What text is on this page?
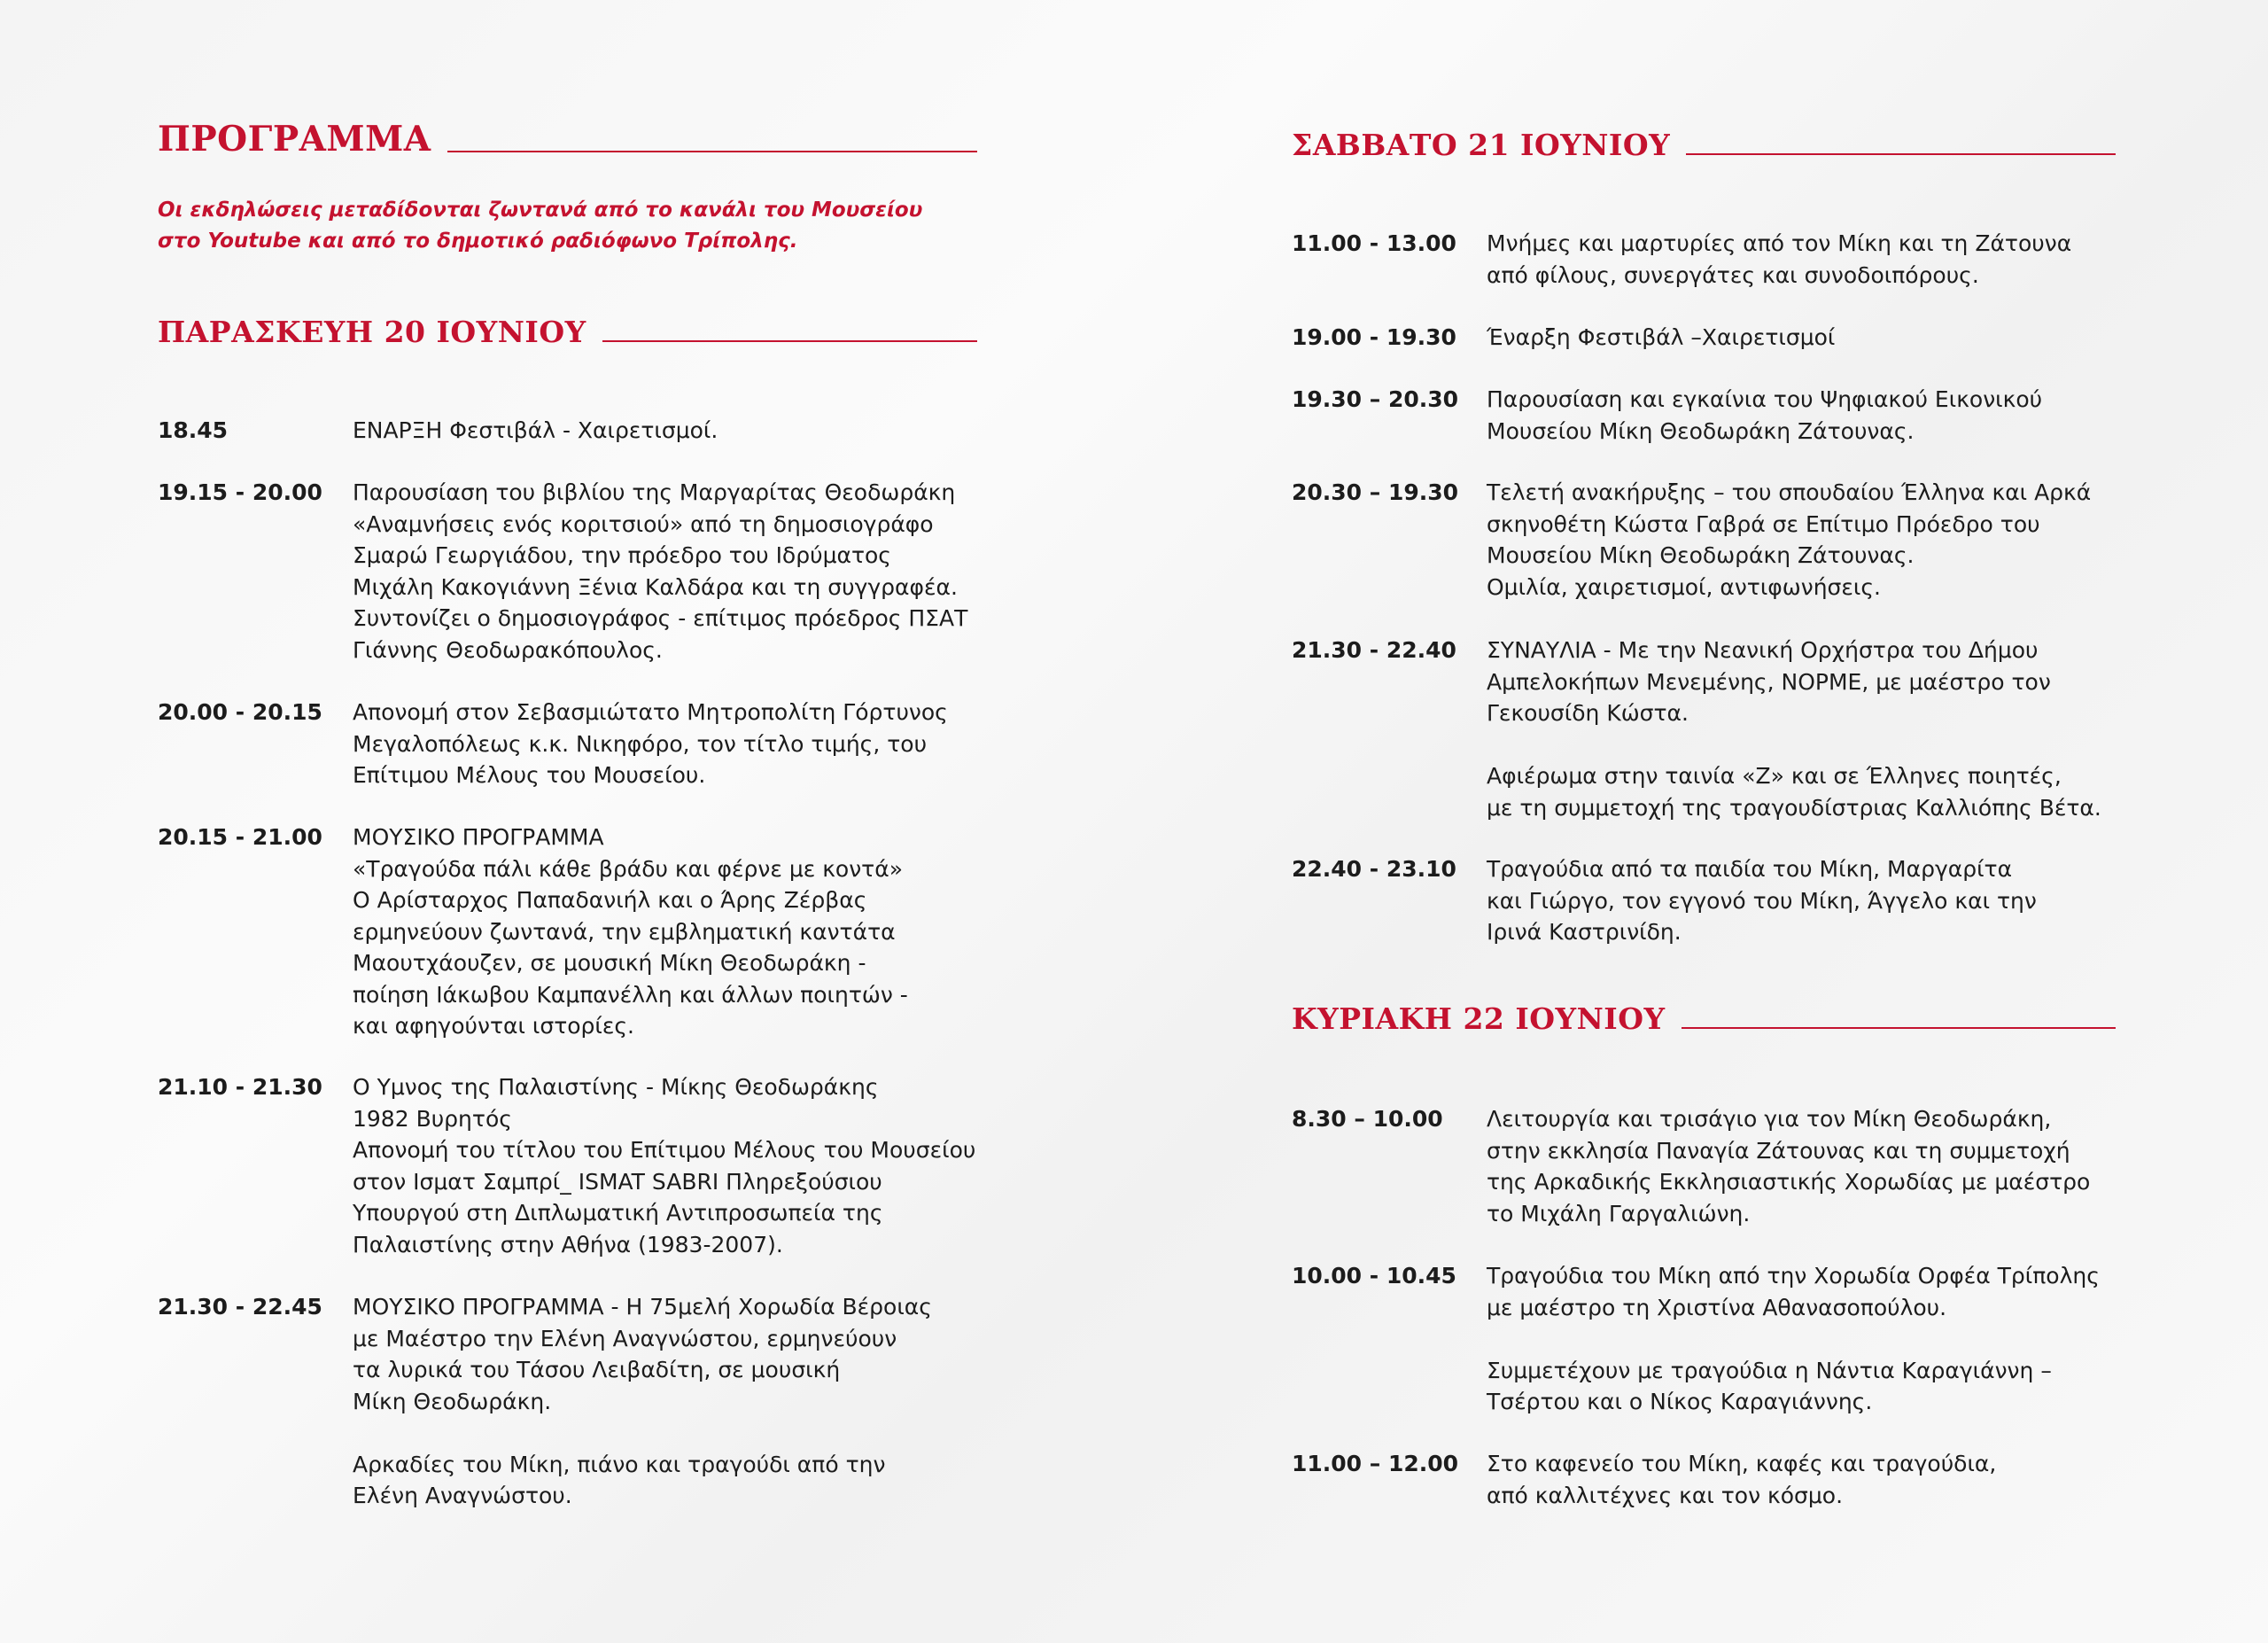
ΠΡΟΓΡΑΜΜΑ

Οι εκδηλώσεις μεταδίδονται ζωντανά από το κανάλι του Μουσείου

στο Youtube και από το δημοτικό ραδιόφωνο Τρίπολης.

ΠΑΡΑΣΚΕΥΗ 20 ΙΟΥΝΙΟΥ
18.45	ΕΝΑΡΞΗ Φεστιβάλ - Χαιρετισμοί.
19.15 - 20.00	Παρουσίαση του βιβλίου της Μαργαρίτας Θεοδωράκη
«Αναμνήσεις ενός κοριτσιού» από τη δημοσιογράφο
Σμαρώ Γεωργιάδου, την πρόεδρο του Ιδρύματος
Μιχάλη Κακογιάννη Ξένια Καλδάρα και τη συγγραφέα.
Συντονίζει ο δημοσιογράφος - επίτιμος πρόεδρος ΠΣΑΤ
Γιάννης Θεοδωρακόπουλος.
20.00 - 20.15	Απονομή στον Σεβασμιώτατο Μητροπολίτη Γόρτυνος
Μεγαλοπόλεως κ.κ. Νικηφόρο, τον τίτλο τιμής, του
Επίτιμου Μέλους του Μουσείου.
20.15 - 21.00	ΜΟΥΣΙΚΟ ΠΡΟΓΡΑΜΜΑ
«Τραγούδα πάλι κάθε βράδυ και φέρνε με κοντά»
Ο Αρίσταρχος Παπαδανιήλ και ο Άρης Ζέρβας
ερμηνεύουν ζωντανά, την εμβληματική καντάτα
Μαουτχάουζεν, σε μουσική Μίκη Θεοδωράκη -
ποίηση Ιάκωβου Καμπανέλλη και άλλων ποιητών -
και αφηγούνται ιστορίες.
21.10 - 21.30	Ο Υμνος της Παλαιστίνης - Μίκης Θεοδωράκης
1982 Βυρητός
Απονομή του τίτλου του Επίτιμου Μέλους του Μουσείου
στον Ισματ Σαμπρί_ ISMAT SABRI Πληρεξούσιου
Υπουργού στη Διπλωματική Αντιπροσωπεία της
Παλαιστίνης στην Αθήνα (1983-2007).
21.30 - 22.45	ΜΟΥΣΙΚΟ ΠΡΟΓΡΑΜΜΑ - Η 75μελή Χορωδία Βέροιας
με Μαέστρο την Ελένη Αναγνώστου, ερμηνεύουν
τα λυρικά του Τάσου Λειβαδίτη, σε μουσική
Μίκη Θεοδωράκη.
Αρκαδίες του Μίκη, πιάνο και τραγούδι από την
Ελένη Αναγνώστου.
ΣΑΒΒΑΤΟ 21 ΙΟΥΝΙΟΥ
11.00 - 13.00	Μνήμες και μαρτυρίες από τον Μίκη και τη Ζάτουνα
από φίλους, συνεργάτες και συνοδοιπόρους.
19.00 - 19.30	Έναρξη Φεστιβάλ –Χαιρετισμοί
19.30 – 20.30	Παρουσίαση και εγκαίνια του Ψηφιακού Εικονικού
Μουσείου Μίκη Θεοδωράκη Ζάτουνας.
20.30 – 19.30	Τελετή ανακήρυξης – του σπουδαίου Έλληνα και Αρκά
σκηνοθέτη Κώστα Γαβρά σε Επίτιμο Πρόεδρο του
Μουσείου Μίκη Θεοδωράκη Ζάτουνας.
Ομιλία, χαιρετισμοί, αντιφωνήσεις.
21.30 - 22.40	ΣΥΝΑΥΛΙΑ - Με την Νεανική Ορχήστρα του Δήμου
Αμπελοκήπων Μενεμένης, ΝΟΡΜΕ, με μαέστρο τον
Γεκουσίδη Κώστα.
Αφιέρωμα στην ταινία «Ζ» και σε Έλληνες ποιητές,
με τη συμμετοχή της τραγουδίστριας Καλλιόπης Βέτα.
22.40 - 23.10	Τραγούδια από τα παιδία του Μίκη, Μαργαρίτα
και Γιώργο, τον εγγονό του Μίκη, Άγγελο και την
Ιρινά Καστρινίδη.
ΚΥΡΙΑΚΗ 22 ΙΟΥΝΙΟΥ
8.30 – 10.00	Λειτουργία και τρισάγιο για τον Μίκη Θεοδωράκη,
στην εκκλησία Παναγία Ζάτουνας και τη συμμετοχή
της Αρκαδικής Εκκλησιαστικής Χορωδίας με μαέστρο
το Μιχάλη Γαργαλιώνη.
10.00 - 10.45	Τραγούδια του Μίκη από την Χορωδία Ορφέα Τρίπολης
με μαέστρο τη Χριστίνα Αθανασοπούλου.
Συμμετέχουν με τραγούδια η Νάντια Καραγιάννη –
Τσέρτου και ο Νίκος Καραγιάννης.
11.00 – 12.00	Στο καφενείο του Μίκη, καφές και τραγούδια,
από καλλιτέχνες και τον κόσμο.
